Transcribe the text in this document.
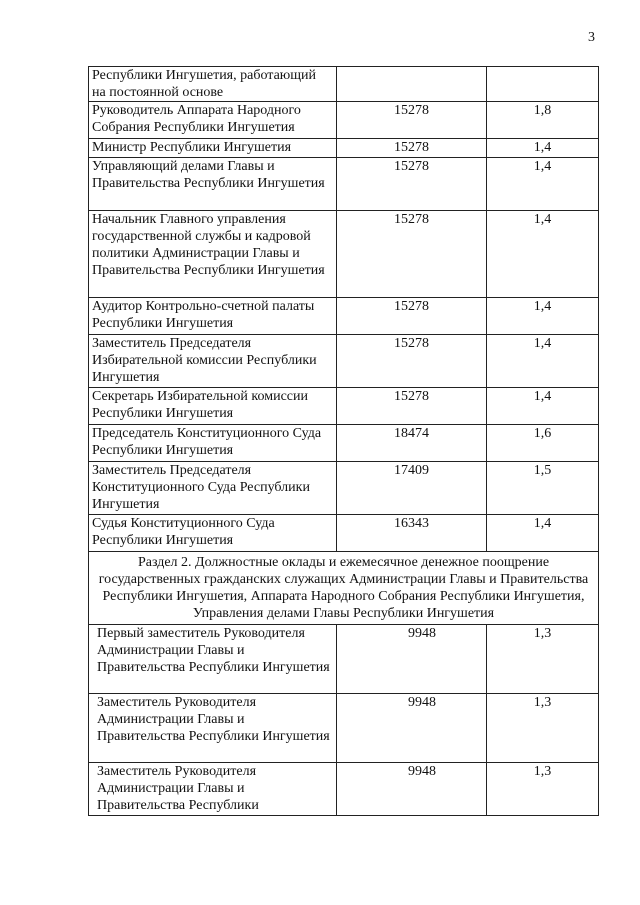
3
Республики Ингушетия, работающий на постоянной основе		
Руководитель Аппарата Народного Собрания Республики Ингушетия	15278	1,8
Министр Республики Ингушетия	15278	1,4
Управляющий делами Главы и Правительства Республики Ингушетия	15278	1,4
Начальник Главного управления государственной службы и кадровой политики Администрации Главы и Правительства Республики Ингушетия	15278	1,4
Аудитор Контрольно-счетной палаты Республики Ингушетия	15278	1,4
Заместитель Председателя Избирательной комиссии Республики Ингушетия	15278	1,4
Секретарь Избирательной комиссии Республики Ингушетия	15278	1,4
Председатель Конституционного Суда Республики Ингушетия	18474	1,6
Заместитель Председателя Конституционного Суда Республики Ингушетия	17409	1,5
Судья Конституционного Суда Республики Ингушетия	16343	1,4
Раздел 2. Должностные оклады и ежемесячное денежное поощрение государственных гражданских служащих Администрации Главы и Правительства Республики Ингушетия, Аппарата Народного Собрания Республики Ингушетия, Управления делами Главы Республики Ингушетия		
Первый заместитель Руководителя Администрации Главы и Правительства Республики Ингушетия	9948	1,3
Заместитель Руководителя Администрации Главы и Правительства Республики Ингушетия	9948	1,3
Заместитель Руководителя Администрации Главы и Правительства Республики	9948	1,3
